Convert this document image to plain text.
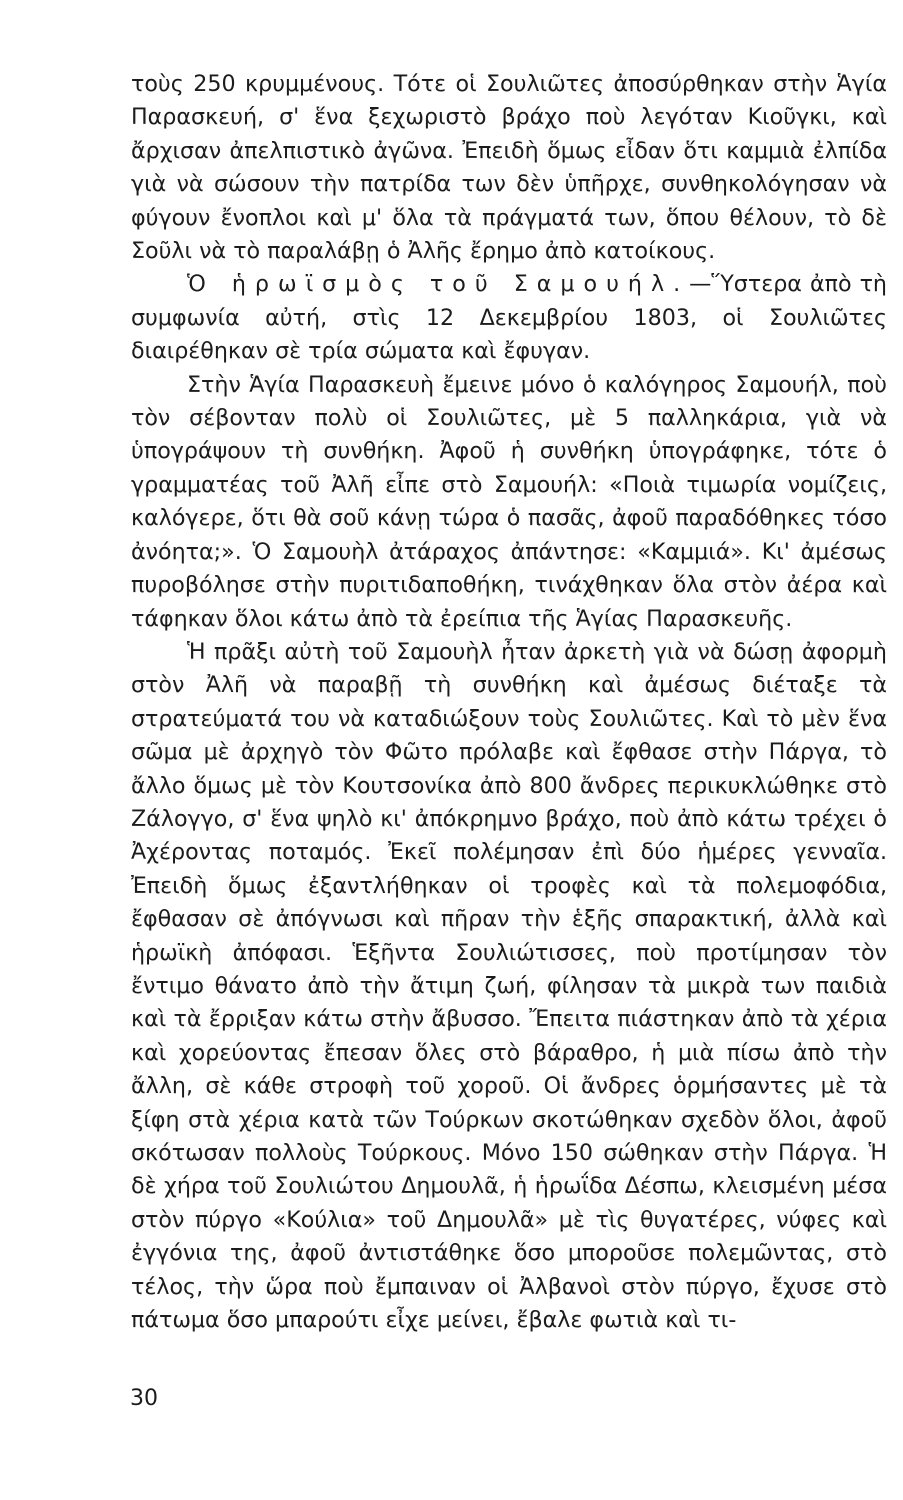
τοὺς 250 κρυμμένους. Τότε οἱ Σουλιῶτες ἀποσύρθηκαν στὴν Ἁγία Παρασκευή, σ' ἕνα ξεχωριστὸ βράχο ποὺ λεγόταν Κιοῦγκι, καὶ ἄρχισαν ἀπελπιστικὸ ἀγῶνα. Ἐπειδὴ ὅμως εἶδαν ὅτι καμμιὰ ἐλπίδα γιὰ νὰ σώσουν τὴν πατρίδα των δὲν ὑπῆρχε, συνθηκολόγησαν νὰ φύγουν ἔνοπλοι καὶ μ' ὅλα τὰ πράγματά των, ὅπου θέλουν, τὸ δὲ Σοῦλι νὰ τὸ παραλάβῃ ὁ Ἀλῆς ἔρημο ἀπὸ κατοίκους.

Ὁ ἡρωϊσμὸς τοῦ Σαμουήλ.—Ὕστερα ἀπὸ τὴ συμφωνία αὐτή, στὶς 12 Δεκεμβρίου 1803, οἱ Σουλιῶτες διαιρέθηκαν σὲ τρία σώματα καὶ ἔφυγαν.

Στὴν Ἁγία Παρασκευὴ ἔμεινε μόνο ὁ καλόγηρος Σαμουήλ, ποὺ τὸν σέβονταν πολὺ οἱ Σουλιῶτες, μὲ 5 παλληκάρια, γιὰ νὰ ὑπογράψουν τὴ συνθήκη. Ἀφοῦ ἡ συνθήκη ὑπογράφηκε, τότε ὁ γραμματέας τοῦ Ἀλῆ εἶπε στὸ Σαμουήλ: «Ποιὰ τιμωρία νομίζεις, καλόγερε, ὅτι θὰ σοῦ κάνῃ τώρα ὁ πασᾶς, ἀφοῦ παραδόθηκες τόσο ἀνόητα;». Ὁ Σαμουὴλ ἀτάραχος ἀπάντησε: «Καμμιά». Κι' ἀμέσως πυροβόλησε στὴν πυριτιδαποθήκη, τινάχθηκαν ὅλα στὸν ἀέρα καὶ τάφηκαν ὅλοι κάτω ἀπὸ τὰ ἐρείπια τῆς Ἁγίας Παρασκευῆς.

Ἡ πρᾶξι αὐτὴ τοῦ Σαμουὴλ ἦταν ἀρκετὴ γιὰ νὰ δώσῃ ἀφορμὴ στὸν Ἀλῆ νὰ παραβῇ τὴ συνθήκη καὶ ἀμέσως διέταξε τὰ στρατεύματά του νὰ καταδιώξουν τοὺς Σουλιῶτες. Καὶ τὸ μὲν ἕνα σῶμα μὲ ἀρχηγὸ τὸν Φῶτο πρόλαβε καὶ ἔφθασε στὴν Πάργα, τὸ ἄλλο ὅμως μὲ τὸν Κουτσονίκα ἀπὸ 800 ἄνδρες περικυκλώθηκε στὸ Ζάλογγο, σ' ἕνα ψηλὸ κι' ἀπόκρημνο βράχο, ποὺ ἀπὸ κάτω τρέχει ὁ Ἀχέροντας ποταμός. Ἐκεῖ πολέμησαν ἐπὶ δύο ἡμέρες γενναῖα. Ἐπειδὴ ὅμως ἐξαντλήθηκαν οἱ τροφὲς καὶ τὰ πολεμοφόδια, ἔφθασαν σὲ ἀπόγνωσι καὶ πῆραν τὴν ἑξῆς σπαρακτική, ἀλλὰ καὶ ἡρωϊκὴ ἀπόφασι. Ἑξῆντα Σουλιώτισσες, ποὺ προτίμησαν τὸν ἔντιμο θάνατο ἀπὸ τὴν ἄτιμη ζωή, φίλησαν τὰ μικρὰ των παιδιὰ καὶ τὰ ἔρριξαν κάτω στὴν ἄβυσσο. Ἔπειτα πιάστηκαν ἀπὸ τὰ χέρια καὶ χορεύοντας ἔπεσαν ὅλες στὸ βάραθρο, ἡ μιὰ πίσω ἀπὸ τὴν ἄλλη, σὲ κάθε στροφὴ τοῦ χοροῦ. Οἱ ἄνδρες ὁρμήσαντες μὲ τὰ ξίφη στὰ χέρια κατὰ τῶν Τούρκων σκοτώθηκαν σχεδὸν ὅλοι, ἀφοῦ σκότωσαν πολλοὺς Τούρκους. Μόνο 150 σώθηκαν στὴν Πάργα. Ἡ δὲ χήρα τοῦ Σουλιώτου Δημουλᾶ, ἡ ἡρωΐδα Δέσπω, κλεισμένη μέσα στὸν πύργο «Κούλια» τοῦ Δημουλᾶ» μὲ τὶς θυγατέρες, νύφες καὶ ἐγγόνια της, ἀφοῦ ἀντιστάθηκε ὅσο μποροῦσε πολεμῶντας, στὸ τέλος, τὴν ὥρα ποὺ ἔμπαιναν οἱ Ἀλβανοὶ στὸν πύργο, ἔχυσε στὸ πάτωμα ὅσο μπαρούτι εἶχε μείνει, ἔβαλε φωτιὰ καὶ τι-

30
